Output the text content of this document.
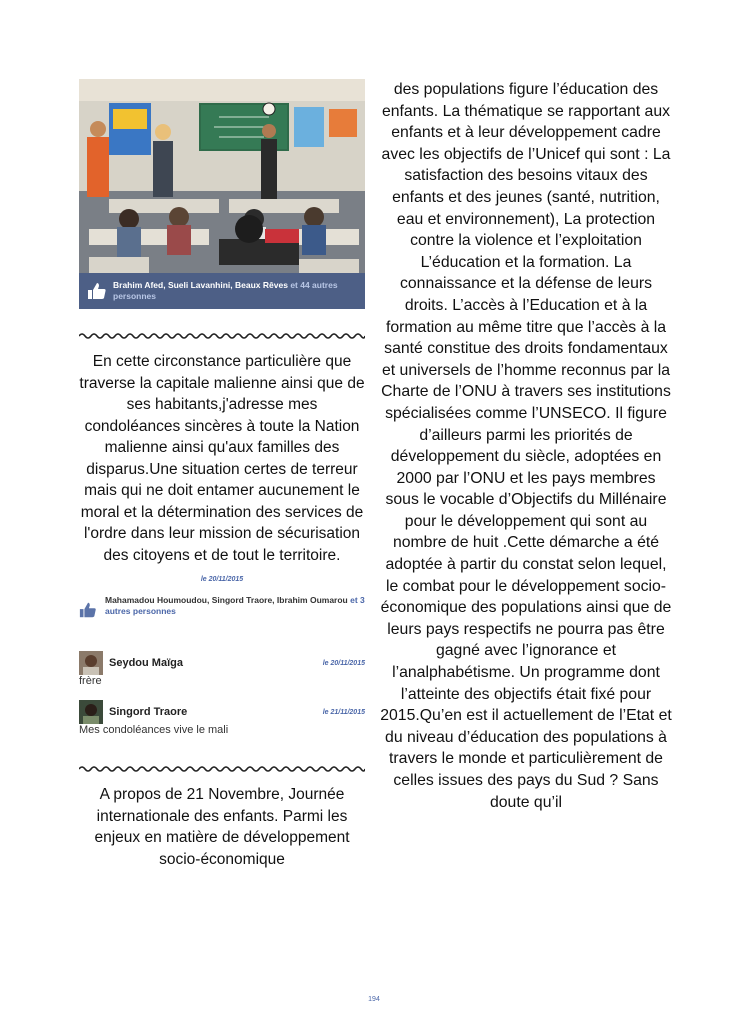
Brahim Afed, Sueli Lavanhini, Beaux Rêves et 44 autres personnes

En cette circonstance particulière que traverse la capitale malienne ainsi que de ses habitants,j'adresse mes condoléances sincères à toute la Nation malienne ainsi qu'aux familles des disparus.Une situation certes de terreur mais qui ne doit entamer aucunement le moral et la détermination des services de l'ordre dans leur mission de sécurisation des citoyens et de tout le territoire.

le 20/11/2015
Mahamadou Houmoudou, Singord Traore, Ibrahim Oumarou et 3 autres personnes
Seydou Maïga	le 20/11/2015
frère
Singord Traore	le 21/11/2015
Mes condoléances vive le mali

A propos de 21 Novembre, Journée internationale des enfants. Parmi les enjeux en matière de développement socio-économique

des populations figure l’éducation des enfants. La thématique se rapportant aux enfants et à leur développement cadre avec les objectifs de l’Unicef qui sont : La satisfaction des besoins vitaux des enfants et des jeunes (santé, nutrition, eau et environnement), La protection contre la violence et l’exploitation L’éducation et la formation. La connaissance et la défense de leurs droits. L’accès à l’Education et à la formation au même titre que l’accès à la santé constitue des droits fondamentaux et universels de l’homme reconnus par la Charte de l’ONU à travers ses institutions spécialisées comme l’UNSECO. Il figure d’ailleurs parmi les priorités de développement du siècle, adoptées en 2000 par l’ONU et les pays membres sous le vocable d’Objectifs du Millénaire pour le développement qui sont au nombre de huit .Cette démarche a été adoptée à partir du constat selon lequel, le combat pour le développement socio-économique des populations ainsi que de leurs pays respectifs ne pourra pas être gagné avec l’ignorance et l’analphabétisme. Un programme dont l’atteinte des objectifs était fixé pour 2015.Qu’en est il actuellement de l’Etat et du niveau d’éducation des populations à travers le monde et particulièrement de celles issues des pays du Sud ? Sans doute qu’il

194
